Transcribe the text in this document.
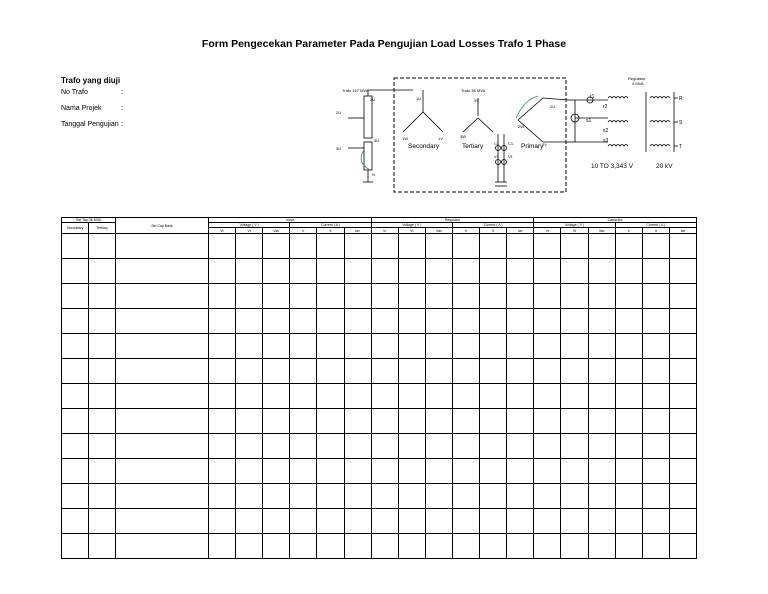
Form Pengecekan Parameter Pada Pengujian Load Losses Trafo 1 Phase
Trafo yang diuji
No Trafo	:
Nama Projek	:
Tanggal Pengujian :
Trafo 167 MVA
2U
2U
3U
1U
1W	1V
3V
3W
3U
2W
2V
2U
N
C1 C1
V1 V1
Trafo 36 MVA
Regulator
4 MVA
R
S
T
r1
r2
s1
s2
s3
Secondary	Tertiary	Primary
10 TO 3,343 V	20 kV
Set Tap 36 MVA		Set Cap Bank	Input						Regulator						Capacitor					
Secondary	Tertiary		Voltage ( V )			Current ( A )			Voltage ( V )			Current ( A )			Voltage ( V )			Current ( A )		
			Vr	Vt	Vav	Ir	It	Iav	Vr	Vt	Vav	Ir	It	Iav	Vr	Vt	Vav	Ir	It	Iav
